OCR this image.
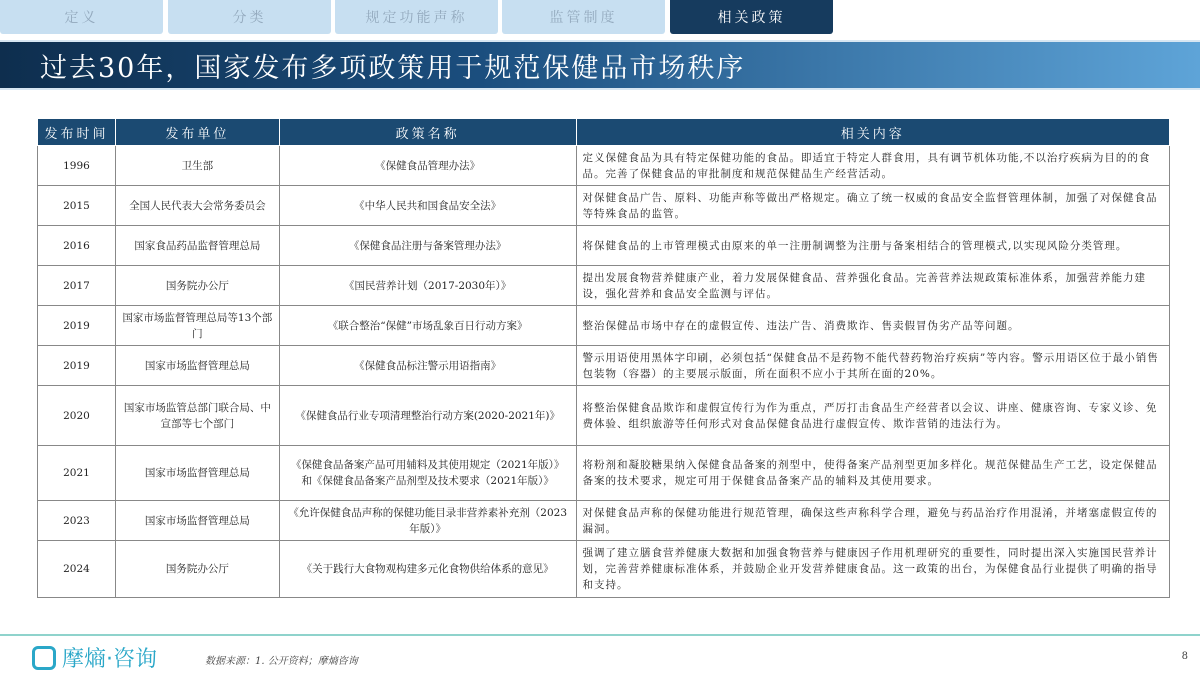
定义	分类	规定功能声称	监管制度	相关政策
过去30年，国家发布多项政策用于规范保健品市场秩序
发布时间	发布单位	政策名称	相关内容
1996	卫生部	《保健食品管理办法》	定义保健食品为具有特定保健功能的食品。即适宜于特定人群食用，具有调节机体功能,不以治疗疾病为目的的食品。完善了保健食品的审批制度和规范保健品生产经营活动。
2015	全国人民代表大会常务委员会	《中华人民共和国食品安全法》	对保健食品广告、原料、功能声称等做出严格规定。确立了统一权威的食品安全监督管理体制，加强了对保健食品等特殊食品的监管。
2016	国家食品药品监督管理总局	《保健食品注册与备案管理办法》	将保健食品的上市管理模式由原来的单一注册制调整为注册与备案相结合的管理模式,以实现风险分类管理。
2017	国务院办公厅	《国民营养计划（2017-2030年）》	提出发展食物营养健康产业，着力发展保健食品、营养强化食品。完善营养法规政策标准体系，加强营养能力建设，强化营养和食品安全监测与评估。
2019	国家市场监督管理总局等13个部门	《联合整治“保健”市场乱象百日行动方案》	整治保健品市场中存在的虚假宣传、违法广告、消费欺诈、售卖假冒伪劣产品等问题。
2019	国家市场监督管理总局	《保健食品标注警示用语指南》	警示用语使用黑体字印刷，必须包括“保健食品不是药物不能代替药物治疗疾病”等内容。警示用语区位于最小销售包装物（容器）的主要展示版面，所在面积不应小于其所在面的20%。
2020	国家市场监管总部门联合局、中宣部等七个部门	《保健食品行业专项清理整治行动方案(2020-2021年)》	将整治保健食品欺诈和虚假宣传行为作为重点，严厉打击食品生产经营者以会议、讲座、健康咨询、专家义诊、免费体验、组织旅游等任何形式对食品保健食品进行虚假宣传、欺诈营销的违法行为。
2021	国家市场监督管理总局	《保健食品备案产品可用辅料及其使用规定（2021年版）》和《保健食品备案产品剂型及技术要求（2021年版）》	将粉剂和凝胶糖果纳入保健食品备案的剂型中，使得备案产品剂型更加多样化。规范保健品生产工艺，设定保健品备案的技术要求，规定可用于保健食品备案产品的辅料及其使用要求。
2023	国家市场监督管理总局	《允许保健食品声称的保健功能目录非营养素补充剂（2023年版）》	对保健食品声称的保健功能进行规范管理，确保这些声称科学合理，避免与药品治疗作用混淆，并堵塞虚假宣传的漏洞。
2024	国务院办公厅	《关于践行大食物观构建多元化食物供给体系的意见》	强调了建立膳食营养健康大数据和加强食物营养与健康因子作用机理研究的重要性，同时提出深入实施国民营养计划，完善营养健康标准体系，并鼓励企业开发营养健康食品。这一政策的出台，为保健食品行业提供了明确的指导和支持。
摩熵·咨询	数据来源：1. 公开资料；摩熵咨询	8
